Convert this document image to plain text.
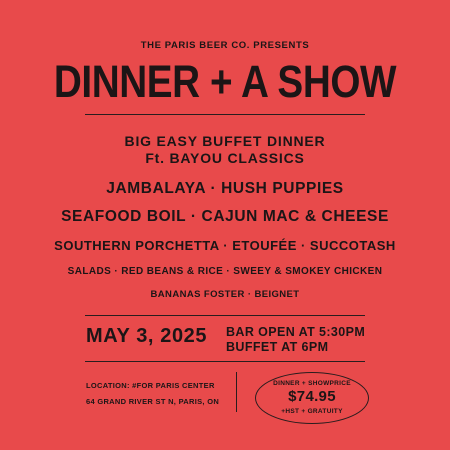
THE PARIS BEER CO. PRESENTS
DINNER + A SHOW
BIG EASY BUFFET DINNER
Ft. BAYOU CLASSICS
JAMBALAYA · HUSH PUPPIES
SEAFOOD BOIL · CAJUN MAC & CHEESE
SOUTHERN PORCHETTA · ETOUFÉE · SUCCOTASH
SALADS · RED BEANS & RICE · SWEEY & SMOKEY CHICKEN
BANANAS FOSTER · BEIGNET
MAY 3, 2025 BAR OPEN AT 5:30PM
BUFFET AT 6PM
LOCATION: #FOR PARIS CENTER
64 GRAND RIVER ST N, PARIS, ON
DINNER + SHOWPRICE
$74.95
+HST + GRATUITY
